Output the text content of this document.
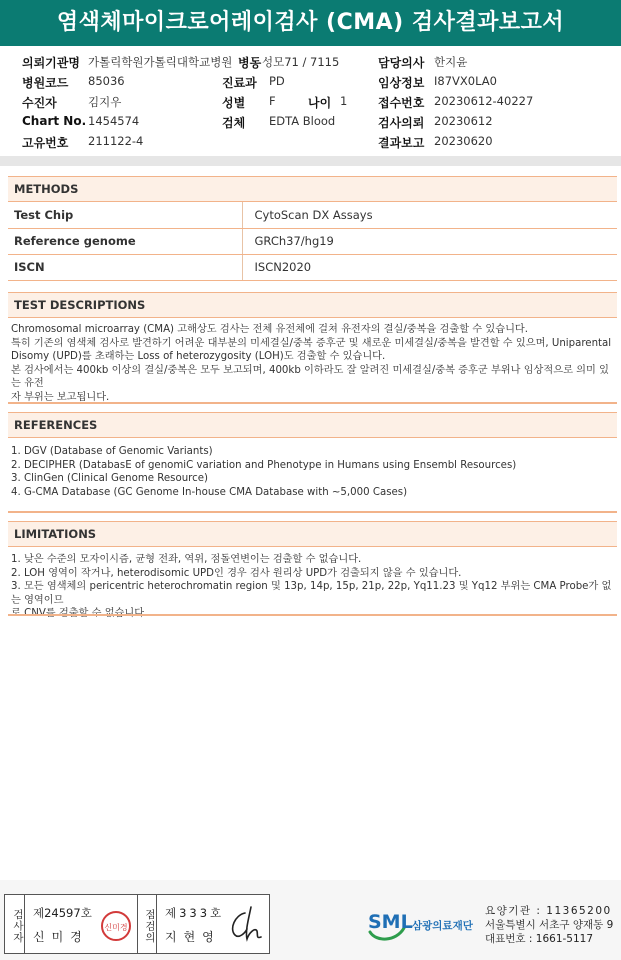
염색체마이크로어레이검사 (CMA) 검사결과보고서
의뢰기관명 가톨릭학원가톨릭대학교병원 병동 성모71 / 7115	담당의사 한지윤
병원코드 85036	진료과 PD	임상정보 I87VX0LA0
수진자	김지우	성별 F	나이 1	접수번호 20230612-40227
Chart No. 1454574	검체 EDTA Blood	검사의뢰 20230612
고유번호 211122-4	결과보고 20230620
METHODS
Test Chip	CytoScan DX Assays
Reference genome	GRCh37/hg19
ISCN	ISCN2020
TEST DESCRIPTIONS

Chromosomal microarray (CMA) 고해상도 검사는 전체 유전체에 걸쳐 유전자의 결실/중복을 검출할 수 있습니다.

특히 기존의 염색체 검사로 발견하기 어려운 대부분의 미세결실/중복 증후군 및 새로운 미세결실/중복을 발견할 수 있으며, Uniparental

Disomy (UPD)를 초래하는 Loss of heterozygosity (LOH)도 검출할 수 있습니다.

본 검사에서는 400kb 이상의 결실/중복은 모두 보고되며, 400kb 이하라도 잘 알려진 미세결실/중복 증후군 부위나 임상적으로 의미 있는 유전

자 부위는 보고됩니다.

REFERENCES

1. DGV (Database of Genomic Variants)

2. DECIPHER (DatabasE of genomiC variation and Phenotype in Humans using Ensembl Resources)

3. ClinGen (Clinical Genome Resource)

4. G-CMA Database (GC Genome In-house CMA Database with ~5,000 Cases)

LIMITATIONS

1. 낮은 수준의 모자이시즘, 균형 전좌, 역위, 점돌연변이는 검출할 수 없습니다.

2. LOH 영역이 작거나, heterodisomic UPD인 경우 검사 원리상 UPD가 검출되지 않을 수 있습니다.

3. 모든 염색체의 pericentric heterochromatin region 및 13p, 14p, 15p, 21p, 22p, Yq11.23 및 Yq12 부위는 CMA Probe가 없는 영역이므

검사자 제24597호
신미경
신미경	점검의 제333호
지현영
SML 삼광의료재단
요양기관 : 11365200
서울특별시 서초구 양재동 9
대표번호 : 1661-5117
